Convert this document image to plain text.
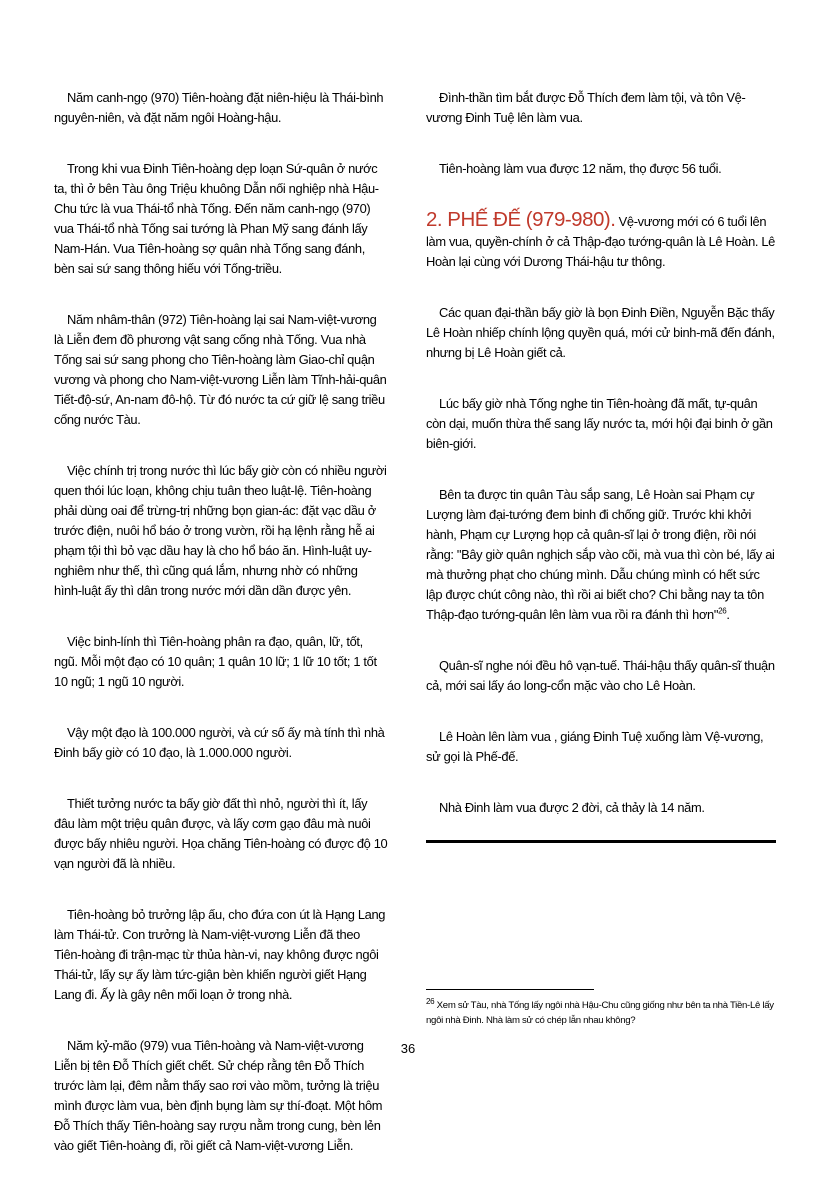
Năm canh-ngọ (970) Tiên-hoàng đặt niên-hiệu là Thái-bình nguyên-niên, và đặt năm ngôi Hoàng-hậu.

Trong khi vua Đinh Tiên-hoàng dẹp loạn Sứ-quân ở nước ta, thì ở bên Tàu ông Triệu khuông Dẫn nối nghiệp nhà Hậu-Chu tức là vua Thái-tổ nhà Tống. Đến năm canh-ngọ (970) vua Thái-tổ nhà Tống sai tướng là Phan Mỹ sang đánh lấy Nam-Hán. Vua Tiên-hoàng sợ quân nhà Tống sang đánh, bèn sai sứ sang thông hiếu với Tống-triều.

Năm nhâm-thân (972) Tiên-hoàng lại sai Nam-việt-vương là Liễn đem đồ phương vật sang cống nhà Tống. Vua nhà Tống sai sứ sang phong cho Tiên-hoàng làm Giao-chỉ quận vương và phong cho Nam-việt-vương Liễn làm Tĩnh-hải-quân Tiết-độ-sứ, An-nam đô-hộ. Từ đó nước ta cứ giữ lệ sang triều cống nước Tàu.

Việc chính trị trong nước thì lúc bấy giờ còn có nhiều người quen thói lúc loạn, không chịu tuân theo luật-lệ. Tiên-hoàng phải dùng oai để trừng-trị những bọn gian-ác: đặt vạc dầu ở trước điện, nuôi hổ báo ở trong vườn, rồi hạ lệnh rằng hễ ai phạm tội thì bỏ vạc dầu hay là cho hổ báo ăn. Hình-luật uy-nghiêm như thế, thì cũng quá lắm, nhưng nhờ có những hình-luật ấy thì dân trong nước mới dần dần được yên.

Việc binh-lính thì Tiên-hoàng phân ra đạo, quân, lữ, tốt, ngũ. Mỗi một đạo có 10 quân; 1 quân 10 lữ; 1 lữ 10 tốt; 1 tốt 10 ngũ; 1 ngũ 10 người.

Vậy một đạo là 100.000 người, và cứ số ấy mà tính thì nhà Đinh bấy giờ có 10 đạo, là 1.000.000 người.

Thiết tưởng nước ta bấy giờ đất thì nhỏ, người thì ít, lấy đâu làm một triệu quân được, và lấy cơm gạo đâu mà nuôi được bấy nhiêu người. Họa chăng Tiên-hoàng có được độ 10 vạn người đã là nhiều.

Tiên-hoàng bỏ trưởng lập ấu, cho đứa con út là Hạng Lang làm Thái-tử. Con trưởng là Nam-việt-vương Liễn đã theo Tiên-hoàng đi trận-mạc từ thủa hàn-vi, nay không được ngôi Thái-tử, lấy sự ấy làm tức-giận bèn khiến người giết Hạng Lang đi. Ấy là gây nên mối loạn ở trong nhà.

Năm kỷ-mão (979) vua Tiên-hoàng và Nam-việt-vương Liễn bị tên Đỗ Thích giết chết. Sử chép rằng tên Đỗ Thích trước làm lại, đêm nằm thấy sao rơi vào mồm, tưởng là triệu mình được làm vua, bèn định bụng làm sự thí-đoạt. Một hôm Đỗ Thích thấy Tiên-hoàng say rượu nằm trong cung, bèn lẻn vào giết Tiên-hoàng đi, rồi giết cả Nam-việt-vương Liễn.

Đình-thần tìm bắt được Đỗ Thích đem làm tội, và tôn Vệ-vương Đinh Tuệ lên làm vua.

Tiên-hoàng làm vua được 12 năm, thọ được 56 tuổi.

2. PHẾ ĐẾ (979-980). Vệ-vương mới có 6 tuổi lên làm vua, quyền-chính ở cả Thập-đạo tướng-quân là Lê Hoàn. Lê Hoàn lại cùng với Dương Thái-hậu tư thông.

Các quan đại-thần bấy giờ là bọn Đinh Điền, Nguyễn Bặc thấy Lê Hoàn nhiếp chính lộng quyền quá, mới cử binh-mã đến đánh, nhưng bị Lê Hoàn giết cả.

Lúc bấy giờ nhà Tống nghe tin Tiên-hoàng đã mất, tự-quân còn dại, muốn thừa thế sang lấy nước ta, mới hội đại binh ở gần biên-giới.

Bên ta được tin quân Tàu sắp sang, Lê Hoàn sai Phạm cự Lượng làm đại-tướng đem binh đi chống giữ. Trước khi khởi hành, Phạm cự Lượng họp cả quân-sĩ lại ở trong điện, rồi nói rằng: "Bây giờ quân nghịch sắp vào cõi, mà vua thì còn bé, lấy ai mà thưởng phạt cho chúng mình. Dẫu chúng mình có hết sức lập được chút công nào, thì rồi ai biết cho? Chi bằng nay ta tôn Thập-đạo tướng-quân lên làm vua rồi ra đánh thì hơn"$^{26}$.

Quân-sĩ nghe nói đều hô vạn-tuế. Thái-hậu thấy quân-sĩ thuận cả, mới sai lấy áo long-cổn mặc vào cho Lê Hoàn.

Lê Hoàn lên làm vua , giáng Đinh Tuệ xuống làm Vệ-vương, sử gọi là Phế-đế.

Nhà Đinh làm vua được 2 đời, cả thảy là 14 năm.

$^{26}$ Xem sử Tàu, nhà Tống lấy ngôi nhà Hậu-Chu cũng giống như bên ta nhà Tiền-Lê lấy ngôi nhà Đinh. Nhà làm sử có chép lẫn nhau không?
36
